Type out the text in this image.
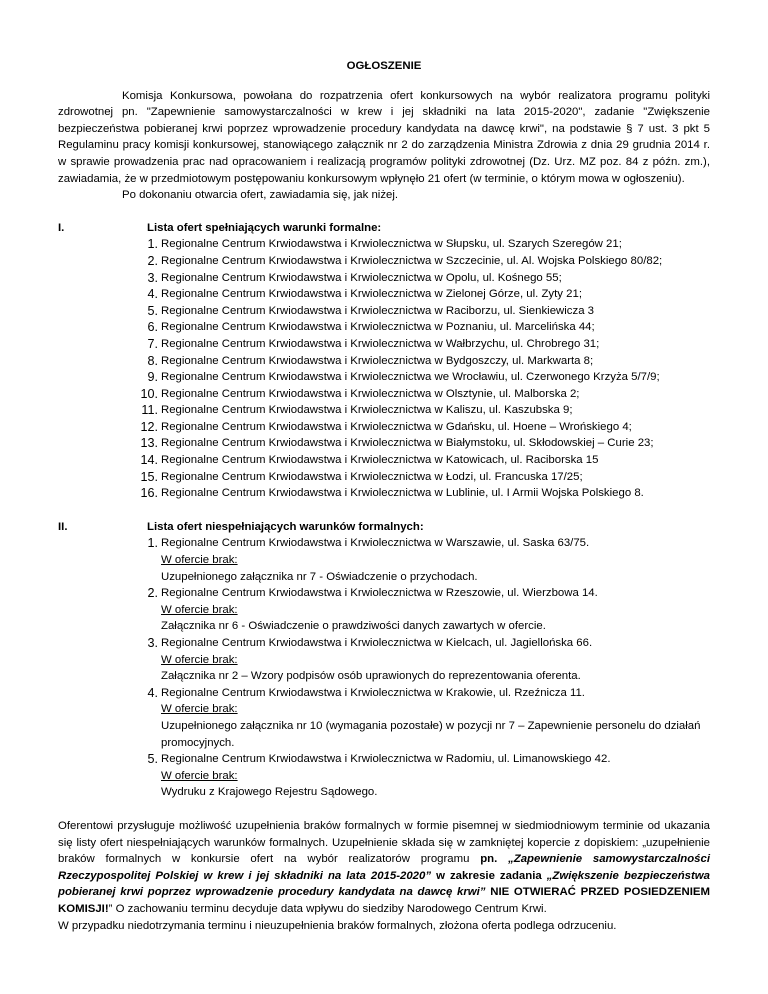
OGŁOSZENIE

Komisja Konkursowa, powołana do rozpatrzenia ofert konkursowych na wybór realizatora programu polityki zdrowotnej pn. "Zapewnienie samowystarczalności w krew i jej składniki na lata 2015-2020", zadanie "Zwiększenie bezpieczeństwa pobieranej krwi poprzez wprowadzenie procedury kandydata na dawcę krwi", na podstawie § 7 ust. 3 pkt 5 Regulaminu pracy komisji konkursowej, stanowiącego załącznik nr 2 do zarządzenia Ministra Zdrowia z dnia 29 grudnia 2014 r. w sprawie prowadzenia prac nad opracowaniem i realizacją programów polityki zdrowotnej (Dz. Urz. MZ poz. 84 z późn. zm.), zawiadamia, że w przedmiotowym postępowaniu konkursowym wpłynęło 21 ofert (w terminie, o którym mowa w ogłoszeniu).

Po dokonaniu otwarcia ofert, zawiadamia się, jak niżej.

I.	Lista ofert spełniających warunki formalne:

1. Regionalne Centrum Krwiodawstwa i Krwiolecznictwa w Słupsku, ul. Szarych Szeregów 21;
2. Regionalne Centrum Krwiodawstwa i Krwiolecznictwa w Szczecinie, ul. Al. Wojska Polskiego 80/82;
3. Regionalne Centrum Krwiodawstwa i Krwiolecznictwa w Opolu, ul. Kośnego 55;
4. Regionalne Centrum Krwiodawstwa i Krwiolecznictwa w Zielonej Górze, ul. Zyty 21;
5. Regionalne Centrum Krwiodawstwa i Krwiolecznictwa w Raciborzu, ul. Sienkiewicza 3
6. Regionalne Centrum Krwiodawstwa i Krwiolecznictwa w Poznaniu, ul. Marcelińska 44;
7. Regionalne Centrum Krwiodawstwa i Krwiolecznictwa w Wałbrzychu, ul. Chrobrego 31;
8. Regionalne Centrum Krwiodawstwa i Krwiolecznictwa w Bydgoszczy, ul. Markwarta 8;
9. Regionalne Centrum Krwiodawstwa i Krwiolecznictwa we Wrocławiu, ul. Czerwonego Krzyża 5/7/9;
10. Regionalne Centrum Krwiodawstwa i Krwiolecznictwa w Olsztynie, ul. Malborska 2;
11. Regionalne Centrum Krwiodawstwa i Krwiolecznictwa w Kaliszu, ul. Kaszubska 9;
12. Regionalne Centrum Krwiodawstwa i Krwiolecznictwa w Gdańsku, ul. Hoene – Wrońskiego 4;
13. Regionalne Centrum Krwiodawstwa i Krwiolecznictwa w Białymstoku, ul. Skłodowskiej – Curie 23;
14. Regionalne Centrum Krwiodawstwa i Krwiolecznictwa w Katowicach, ul. Raciborska 15
15. Regionalne Centrum Krwiodawstwa i Krwiolecznictwa w Łodzi, ul. Francuska 17/25;
16. Regionalne Centrum Krwiodawstwa i Krwiolecznictwa w Lublinie, ul. I Armii Wojska Polskiego 8.
II.	Lista ofert niespełniających warunków formalnych:

1. Regionalne Centrum Krwiodawstwa i Krwiolecznictwa w Warszawie, ul. Saska 63/75.
W ofercie brak:
Uzupełnionego załącznika nr 7 - Oświadczenie o przychodach.
2. Regionalne Centrum Krwiodawstwa i Krwiolecznictwa w Rzeszowie, ul. Wierzbowa 14.
W ofercie brak:
Załącznika nr 6 - Oświadczenie o prawdziwości danych zawartych w ofercie.
3. Regionalne Centrum Krwiodawstwa i Krwiolecznictwa w Kielcach, ul. Jagiellońska 66.
W ofercie brak:
Załącznika nr 2 – Wzory podpisów osób uprawionych do reprezentowania oferenta.
4. Regionalne Centrum Krwiodawstwa i Krwiolecznictwa w Krakowie, ul. Rzeźnicza 11.
W ofercie brak:
Uzupełnionego załącznika nr 10 (wymagania pozostałe) w pozycji nr 7 – Zapewnienie personelu do działań promocyjnych.
5. Regionalne Centrum Krwiodawstwa i Krwiolecznictwa w Radomiu, ul. Limanowskiego 42.
W ofercie brak:
Wydruku z Krajowego Rejestru Sądowego.

Oferentowi przysługuje możliwość uzupełnienia braków formalnych w formie pisemnej w siedmiodniowym terminie od ukazania się listy ofert niespełniających warunków formalnych. Uzupełnienie składa się w zamkniętej kopercie z dopiskiem: „uzupełnienie braków formalnych w konkursie ofert na wybór realizatorów programu pn. „Zapewnienie samowystarczalności Rzeczypospolitej Polskiej w krew i jej składniki na lata 2015-2020” w zakresie zadania „Zwiększenie bezpieczeństwa pobieranej krwi poprzez wprowadzenie procedury kandydata na dawcę krwi” NIE OTWIERAĆ PRZED POSIEDZENIEM KOMISJI!” O zachowaniu terminu decyduje data wpływu do siedziby Narodowego Centrum Krwi.

W przypadku niedotrzymania terminu i nieuzupełnienia braków formalnych, złożona oferta podlega odrzuceniu.
